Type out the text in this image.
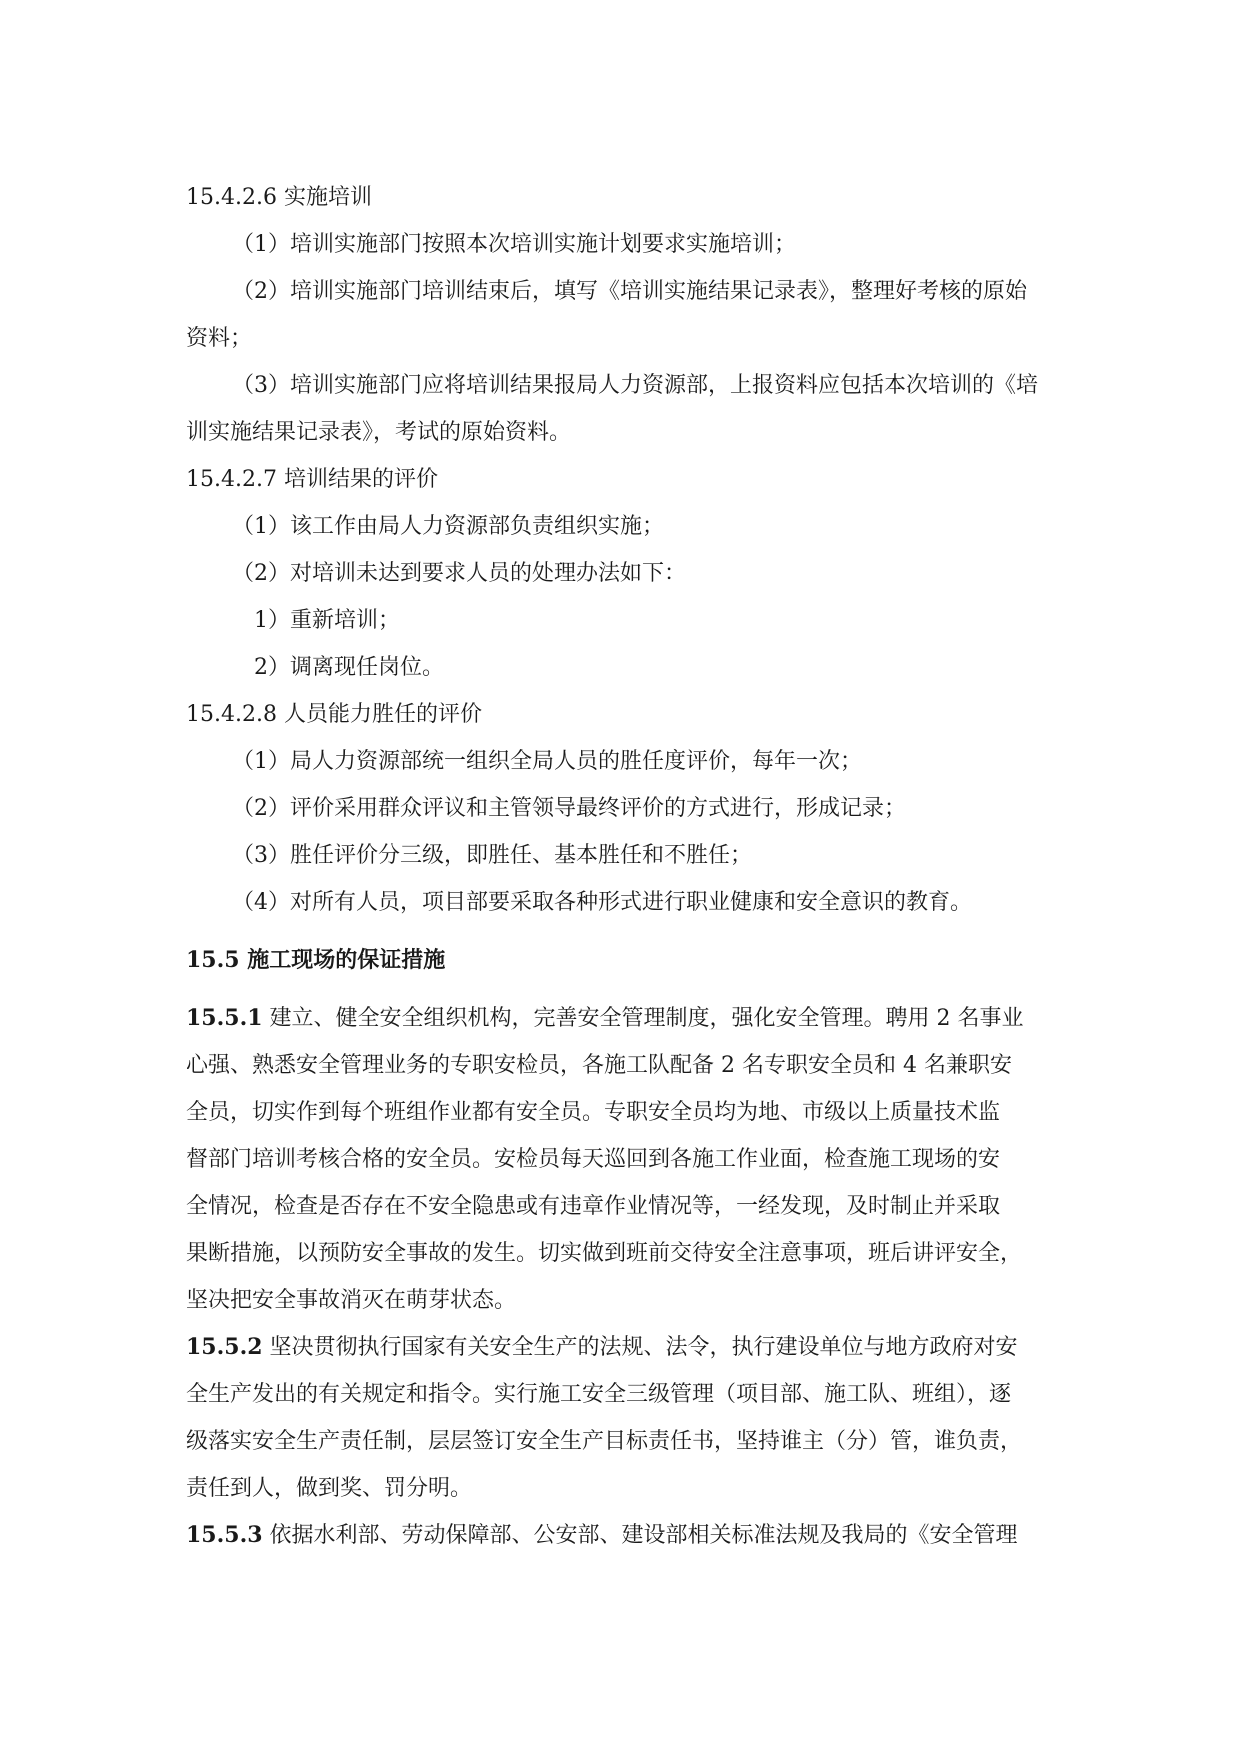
15.4.2.6 实施培训
（1）培训实施部门按照本次培训实施计划要求实施培训；
（2）培训实施部门培训结束后，填写《培训实施结果记录表》，整理好考核的原始
资料；
（3）培训实施部门应将培训结果报局人力资源部，上报资料应包括本次培训的《培
训实施结果记录表》，考试的原始资料。
15.4.2.7 培训结果的评价
（1）该工作由局人力资源部负责组织实施；
（2）对培训未达到要求人员的处理办法如下：
1）重新培训；
2）调离现任岗位。
15.4.2.8 人员能力胜任的评价
（1）局人力资源部统一组织全局人员的胜任度评价，每年一次；
（2）评价采用群众评议和主管领导最终评价的方式进行，形成记录；
（3）胜任评价分三级，即胜任、基本胜任和不胜任；
（4）对所有人员，项目部要采取各种形式进行职业健康和安全意识的教育。
15.5 施工现场的保证措施
15.5.1 建立、健全安全组织机构，完善安全管理制度，强化安全管理。聘用 2 名事业
心强、熟悉安全管理业务的专职安检员，各施工队配备 2 名专职安全员和 4 名兼职安
全员，切实作到每个班组作业都有安全员。专职安全员均为地、市级以上质量技术监
督部门培训考核合格的安全员。安检员每天巡回到各施工作业面，检查施工现场的安
全情况，检查是否存在不安全隐患或有违章作业情况等，一经发现，及时制止并采取
果断措施，以预防安全事故的发生。切实做到班前交待安全注意事项，班后讲评安全，
坚决把安全事故消灭在萌芽状态。
15.5.2 坚决贯彻执行国家有关安全生产的法规、法令，执行建设单位与地方政府对安
全生产发出的有关规定和指令。实行施工安全三级管理（项目部、施工队、班组），逐
级落实安全生产责任制，层层签订安全生产目标责任书，坚持谁主（分）管，谁负责，
责任到人，做到奖、罚分明。
15.5.3 依据水利部、劳动保障部、公安部、建设部相关标准法规及我局的《安全管理
